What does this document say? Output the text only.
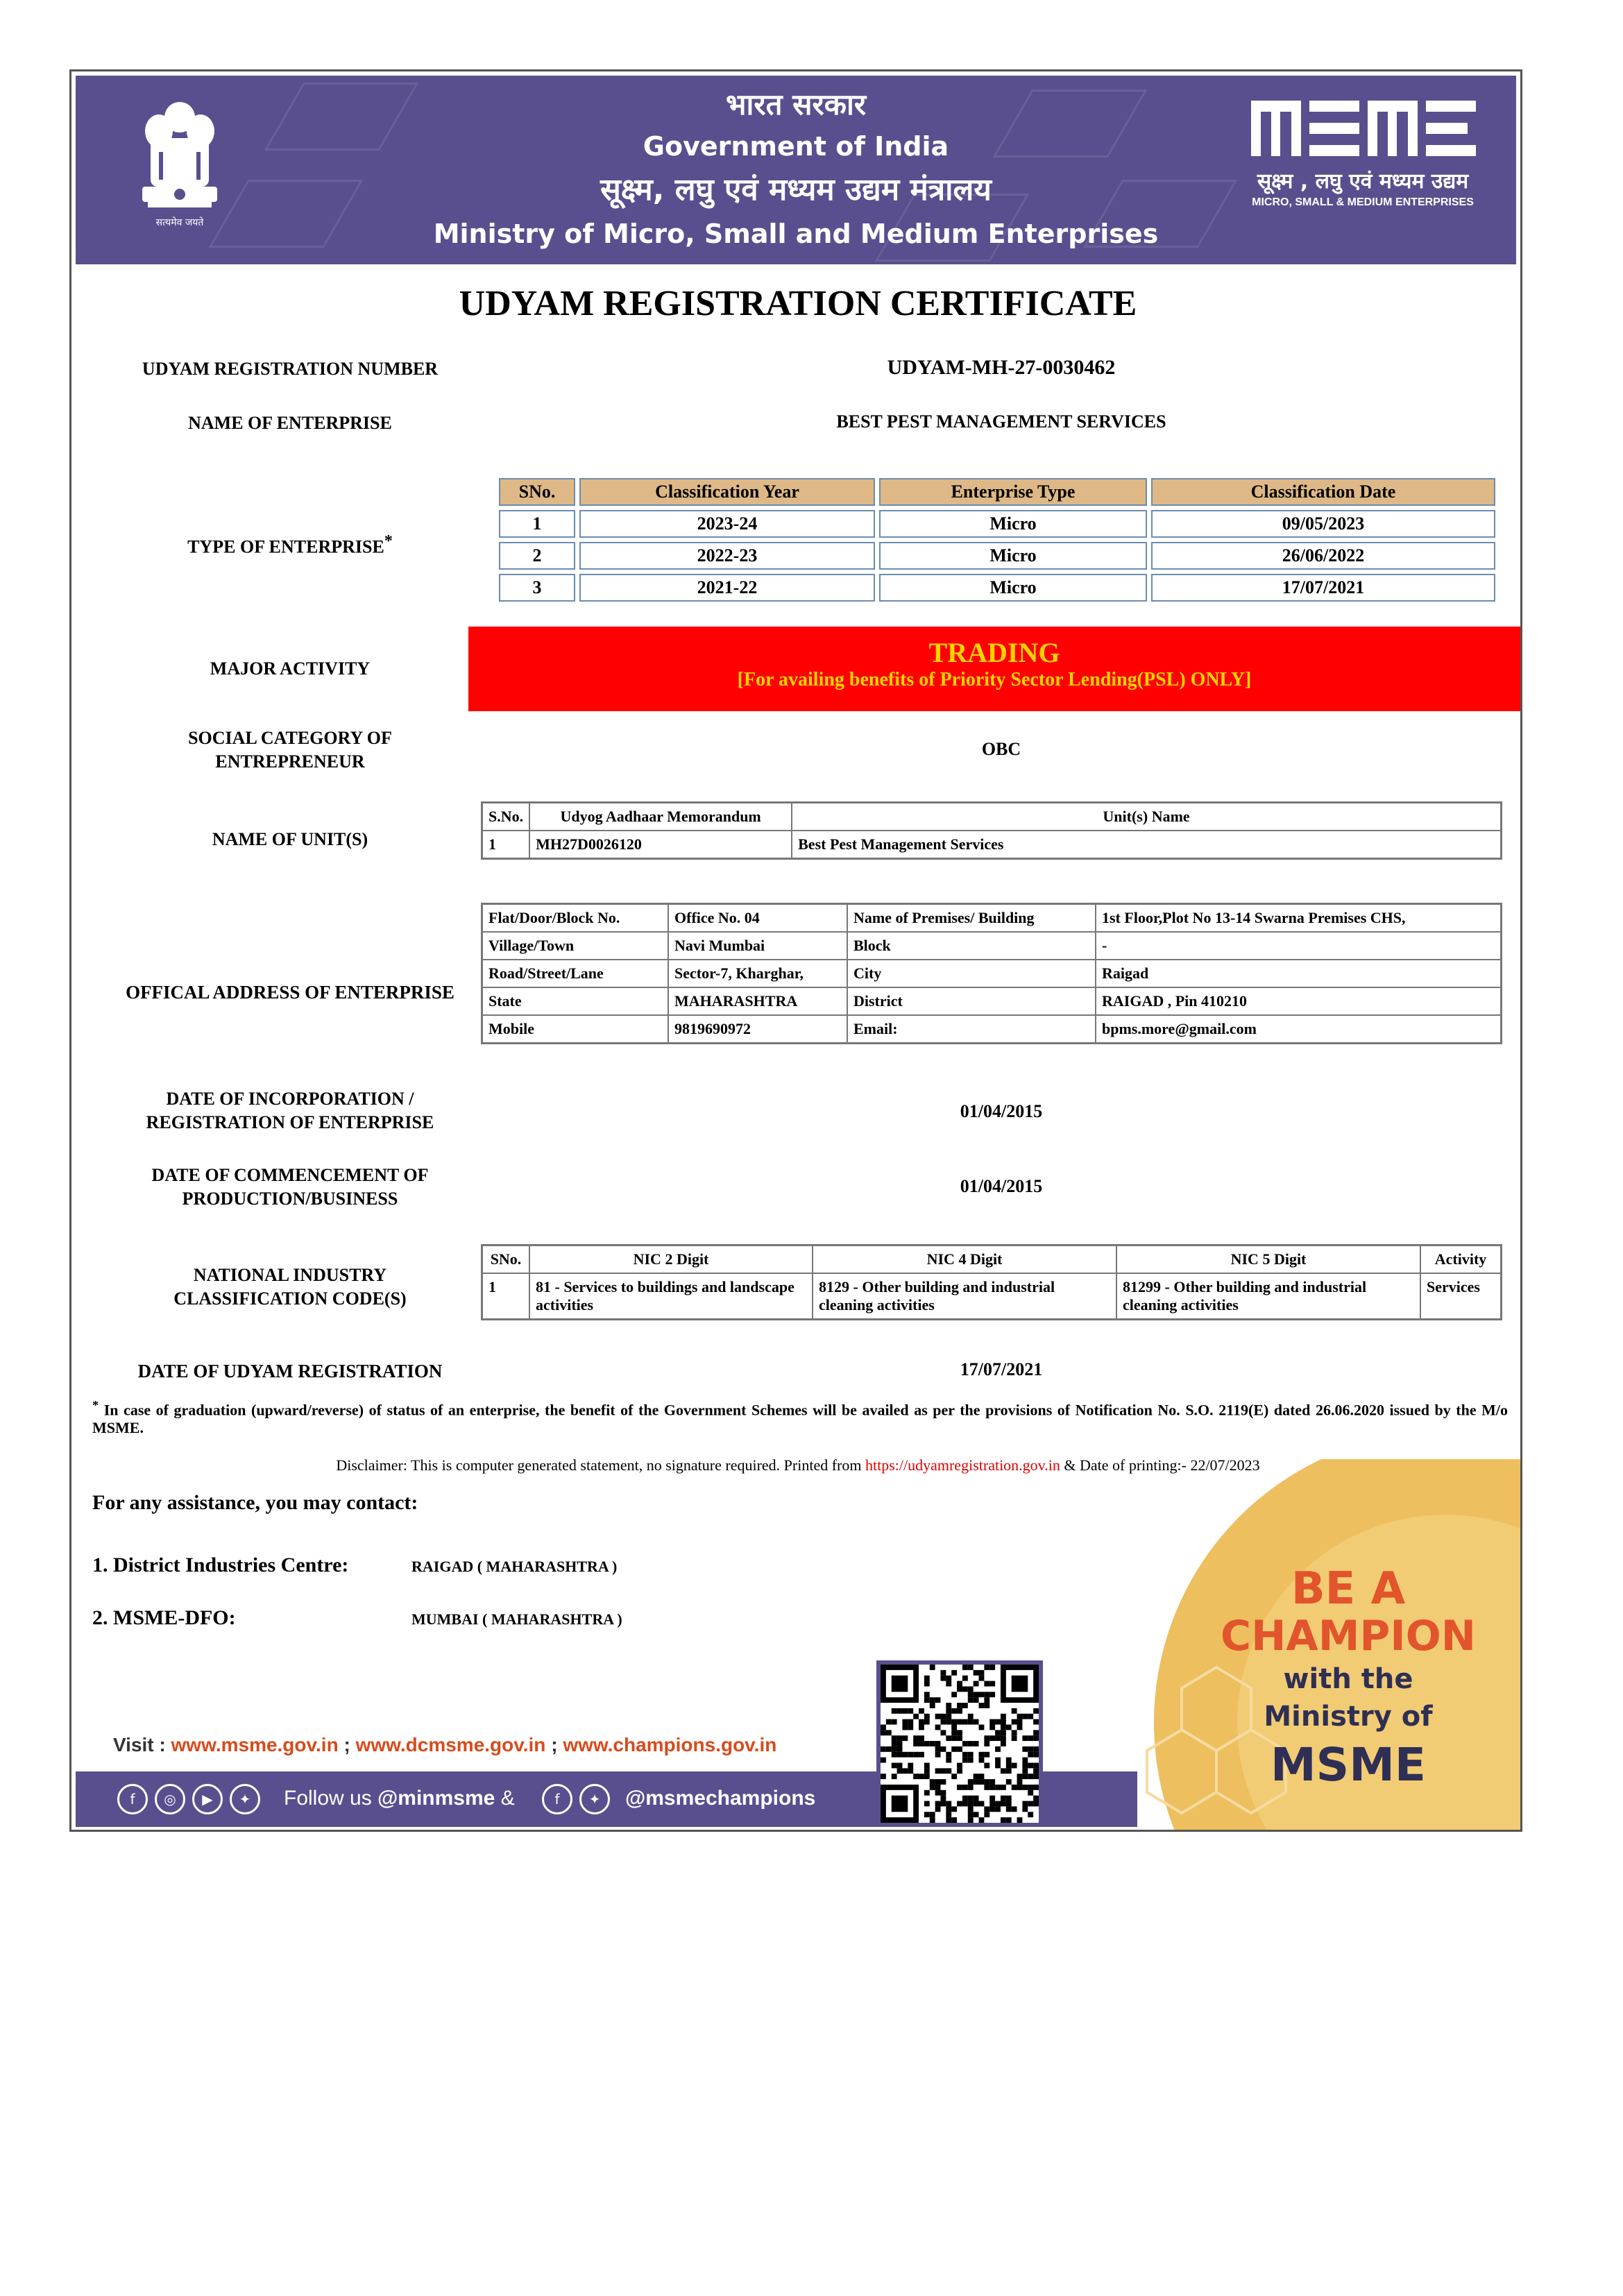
सत्यमेव जयते
भारत सरकार
Government of India
सूक्ष्म, लघु एवं मध्यम उद्यम मंत्रालय
Ministry of Micro, Small and Medium Enterprises
सूक्ष्म , लघु एवं मध्यम उद्यम
MICRO, SMALL & MEDIUM ENTERPRISES
UDYAM REGISTRATION CERTIFICATE
UDYAM REGISTRATION NUMBER	UDYAM-MH-27-0030462
NAME OF ENTERPRISE	BEST PEST MANAGEMENT SERVICES
TYPE OF ENTERPRISE*
SNo.	Classification Year	Enterprise Type	Classification Date
1	2023-24	Micro	09/05/2023
2	2022-23	Micro	26/06/2022
3	2021-22	Micro	17/07/2021
MAJOR ACTIVITY
TRADING
[For availing benefits of Priority Sector Lending(PSL) ONLY]
SOCIAL CATEGORY OF
ENTREPRENEUR
OBC
NAME OF UNIT(S)
S.No.	Udyog Aadhaar Memorandum	Unit(s) Name
1	MH27D0026120	Best Pest Management Services
OFFICAL ADDRESS OF ENTERPRISE
Flat/Door/Block No.	Office No. 04	Name of Premises/ Building	1st Floor,Plot No 13-14 Swarna Premises CHS,
Village/Town	Navi Mumbai	Block	-
Road/Street/Lane	Sector-7, Kharghar,	City	Raigad
State	MAHARASHTRA	District	RAIGAD , Pin 410210
Mobile	9819690972	Email:	bpms.more@gmail.com
DATE OF INCORPORATION /
REGISTRATION OF ENTERPRISE
01/04/2015
DATE OF COMMENCEMENT OF
PRODUCTION/BUSINESS
01/04/2015
NATIONAL INDUSTRY
CLASSIFICATION CODE(S)
SNo.	NIC 2 Digit	NIC 4 Digit	NIC 5 Digit	Activity
1	81 - Services to buildings and landscape activities	8129 - Other building and industrial cleaning activities	81299 - Other building and industrial cleaning activities	Services
DATE OF UDYAM REGISTRATION	17/07/2021
* In case of graduation (upward/reverse) of status of an enterprise, the benefit of the Government Schemes will be availed as per the provisions of Notification No. S.O. 2119(E) dated 26.06.2020 issued by the M/o MSME.
Disclaimer: This is computer generated statement, no signature required. Printed from https://udyamregistration.gov.in & Date of printing:- 22/07/2023
For any assistance, you may contact:
1. District Industries Centre:	RAIGAD ( MAHARASHTRA )
2. MSME-DFO:	MUMBAI ( MAHARASHTRA )
BE A
CHAMPION
with the
Ministry of
MSME
Visit : www.msme.gov.in ; www.dcmsme.gov.in ; www.champions.gov.in
f	◎	▶	✦	Follow us @minmsme &	f	✦	@msmechampions
